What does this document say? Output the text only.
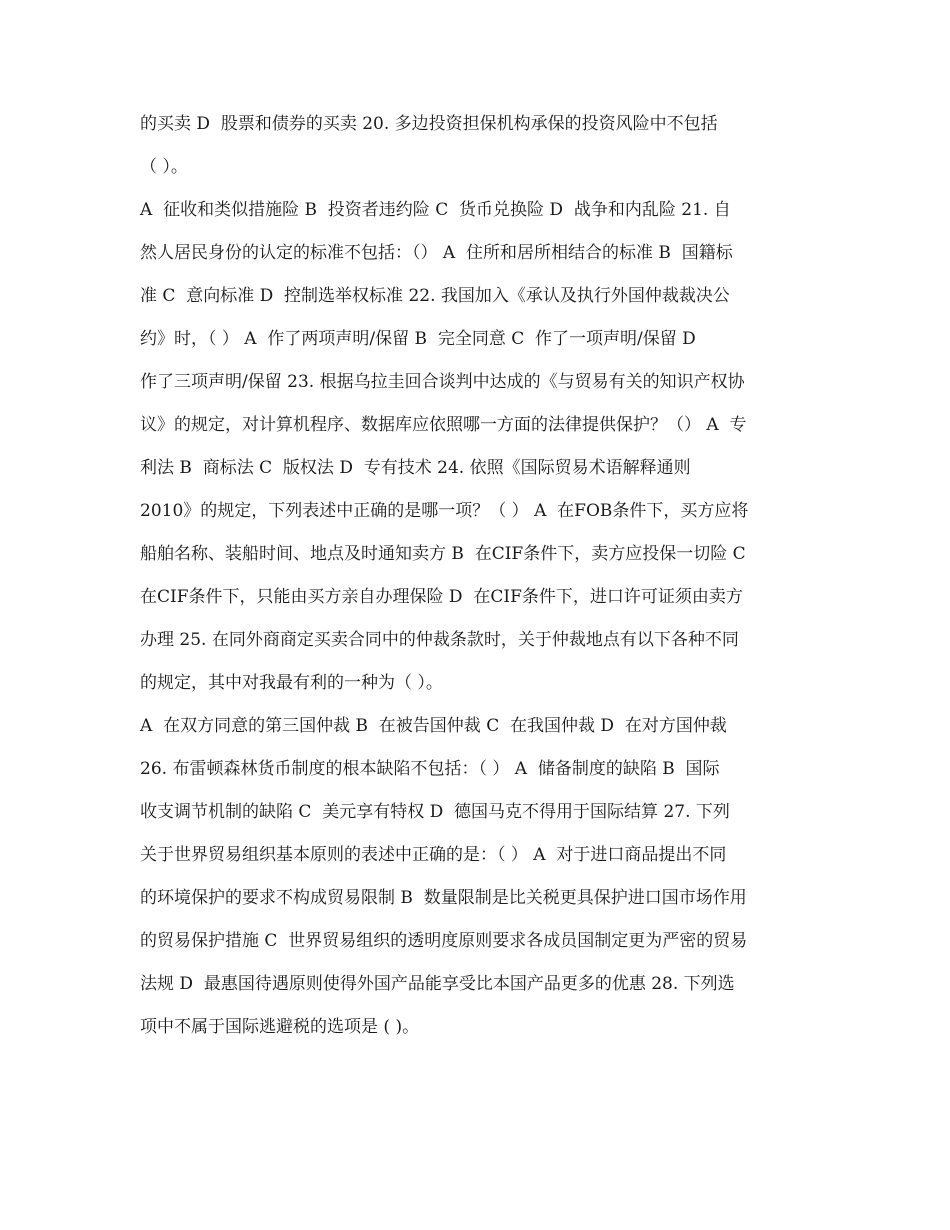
的买卖 D  股票和债券的买卖 20. 多边投资担保机构承保的投资风险中不包括
（ ）。
A  征收和类似措施险 B  投资者违约险 C  货币兑换险 D  战争和内乱险 21. 自
然人居民身份的认定的标准不包括：（） A  住所和居所相结合的标准 B  国籍标
准 C  意向标准 D  控制选举权标准 22. 我国加入《承认及执行外国仲裁裁决公
约》时，（ ） A  作了两项声明/保留 B  完全同意 C  作了一项声明/保留 D
作了三项声明/保留 23. 根据乌拉圭回合谈判中达成的《与贸易有关的知识产权协
议》的规定，对计算机程序、数据库应依照哪一方面的法律提供保护？（） A  专
利法 B  商标法 C  版权法 D  专有技术 24. 依照《国际贸易术语解释通则
2010》的规定，下列表述中正确的是哪一项？（ ） A  在FOB条件下，买方应将
船舶名称、装船时间、地点及时通知卖方 B  在CIF条件下，卖方应投保一切险 C
在CIF条件下，只能由买方亲自办理保险 D  在CIF条件下，进口许可证须由卖方
办理 25. 在同外商商定买卖合同中的仲裁条款时，关于仲裁地点有以下各种不同
的规定，其中对我最有利的一种为（ ）。
A  在双方同意的第三国仲裁 B  在被告国仲裁 C  在我国仲裁 D  在对方国仲裁
26. 布雷顿森林货币制度的根本缺陷不包括：（ ） A  储备制度的缺陷 B  国际
收支调节机制的缺陷 C  美元享有特权 D  德国马克不得用于国际结算 27. 下列
关于世界贸易组织基本原则的表述中正确的是：（ ） A  对于进口商品提出不同
的环境保护的要求不构成贸易限制 B  数量限制是比关税更具保护进口国市场作用
的贸易保护措施 C  世界贸易组织的透明度原则要求各成员国制定更为严密的贸易
法规 D  最惠国待遇原则使得外国产品能享受比本国产品更多的优惠 28. 下列选
项中不属于国际逃避税的选项是 ( )。
